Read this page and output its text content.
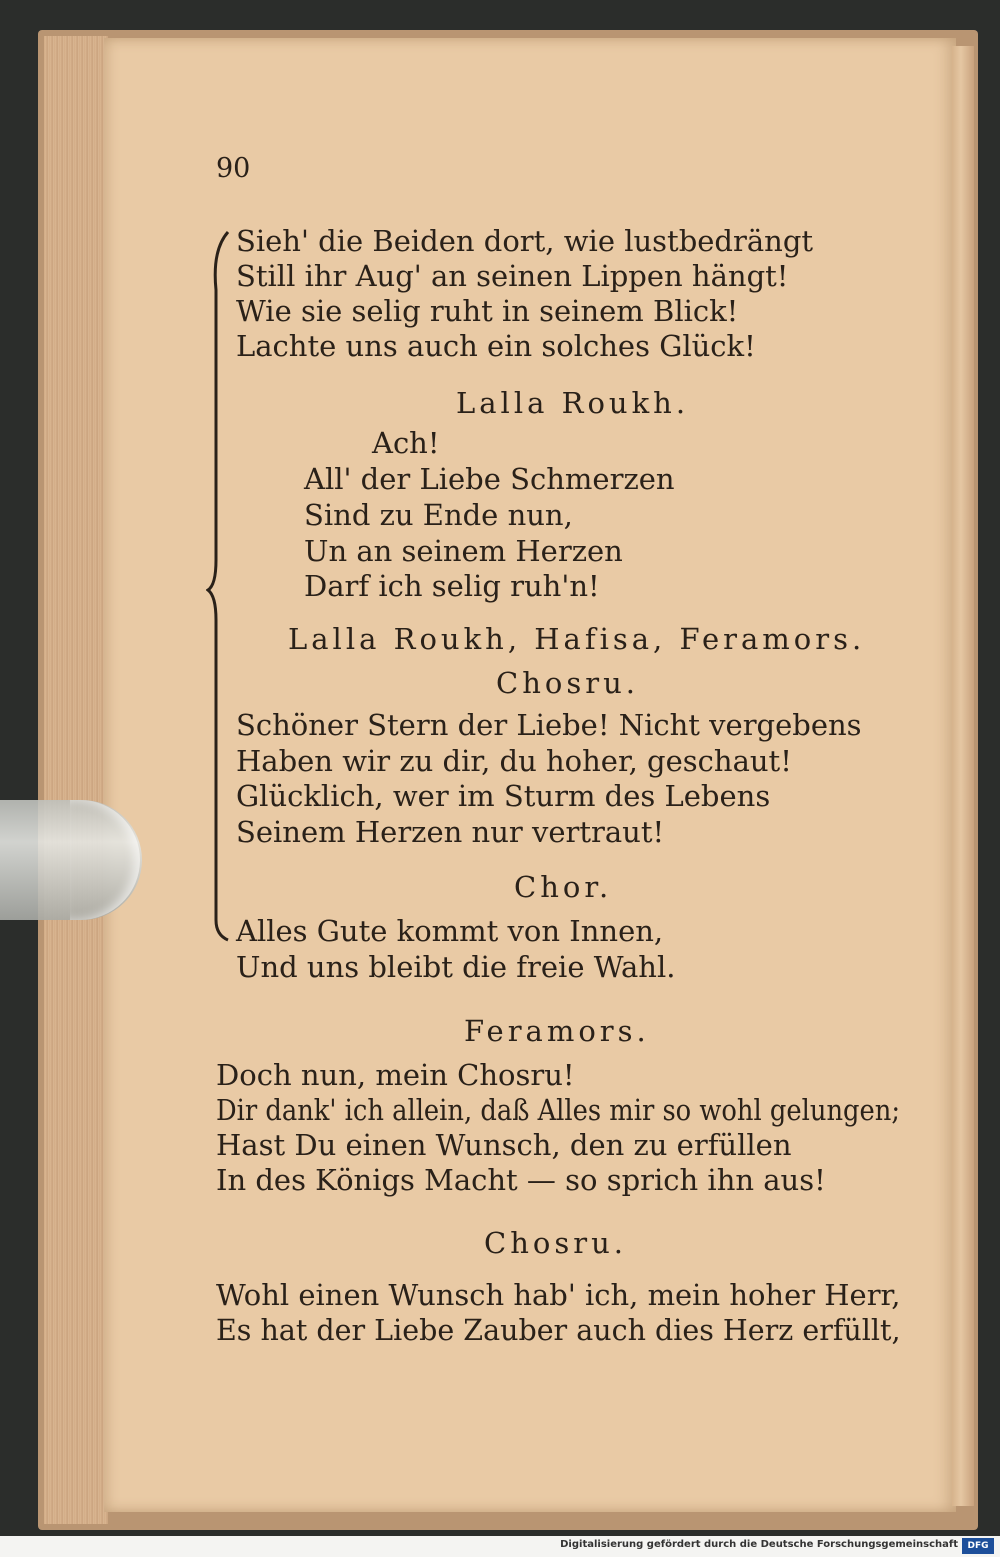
90
Sieh' die Beiden dort, wie lustbedrängt
Still ihr Aug' an seinen Lippen hängt!
Wie sie selig ruht in seinem Blick!
Lachte uns auch ein solches Glück!
Lalla Roukh.
Ach!
All' der Liebe Schmerzen
Sind zu Ende nun,
Un an seinem Herzen
Darf ich selig ruh'n!
Lalla Roukh, Hafisa, Feramors.
Chosru.
Schöner Stern der Liebe! Nicht vergebens
Haben wir zu dir, du hoher, geschaut!
Glücklich, wer im Sturm des Lebens
Seinem Herzen nur vertraut!
Chor.
Alles Gute kommt von Innen,
Und uns bleibt die freie Wahl.
Feramors.
Doch nun, mein Chosru!
Dir dank' ich allein, daß Alles mir so wohl gelungen;
Hast Du einen Wunsch, den zu erfüllen
In des Königs Macht — so sprich ihn aus!
Chosru.
Wohl einen Wunsch hab' ich, mein hoher Herr,
Es hat der Liebe Zauber auch dies Herz erfüllt,
Digitalisierung gefördert durch die Deutsche Forschungsgemeinschaft	DFG
